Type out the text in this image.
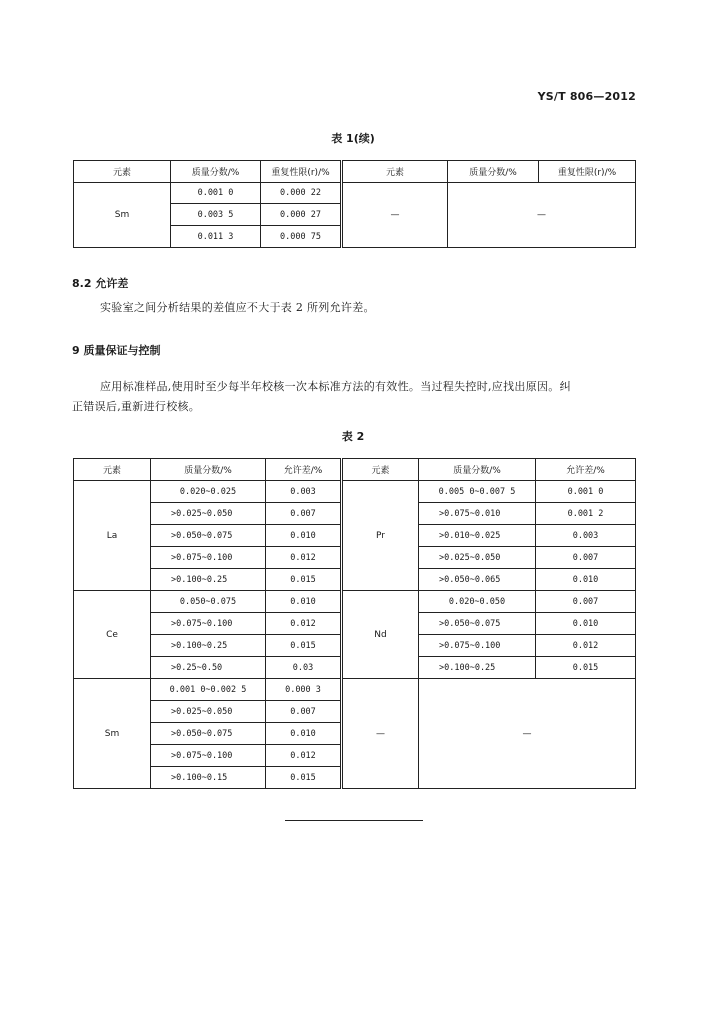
YS/T 806—2012
表 1(续)
元素	质量分数/%	重复性限(r)/%	元素	质量分数/%	重复性限(r)/%
Sm	0.001 0	0.000 22	—	—	
	0.003 5	0.000 27			
	0.011 3	0.000 75			
8.2 允许差
实验室之间分析结果的差值应不大于表 2 所列允许差。
9 质量保证与控制
应用标准样品,使用时至少每半年校核一次本标准方法的有效性。当过程失控时,应找出原因。纠
正错误后,重新进行校核。
表 2
元素	质量分数/%	允许差/%	元素	质量分数/%	允许差/%
La	0.020~0.025	0.003	Pr	0.005 0~0.007 5	0.001 0
	>0.025~0.050	0.007		>0.075~0.010	0.001 2
	>0.050~0.075	0.010		>0.010~0.025	0.003
	>0.075~0.100	0.012		>0.025~0.050	0.007
	>0.100~0.25	0.015		>0.050~0.065	0.010
Ce	0.050~0.075	0.010	Nd	0.020~0.050	0.007
	>0.075~0.100	0.012		>0.050~0.075	0.010
	>0.100~0.25	0.015		>0.075~0.100	0.012
	>0.25~0.50	0.03		>0.100~0.25	0.015
Sm	0.001 0~0.002 5	0.000 3	—	—	
	>0.025~0.050	0.007			
	>0.050~0.075	0.010			
	>0.075~0.100	0.012			
	>0.100~0.15	0.015			
